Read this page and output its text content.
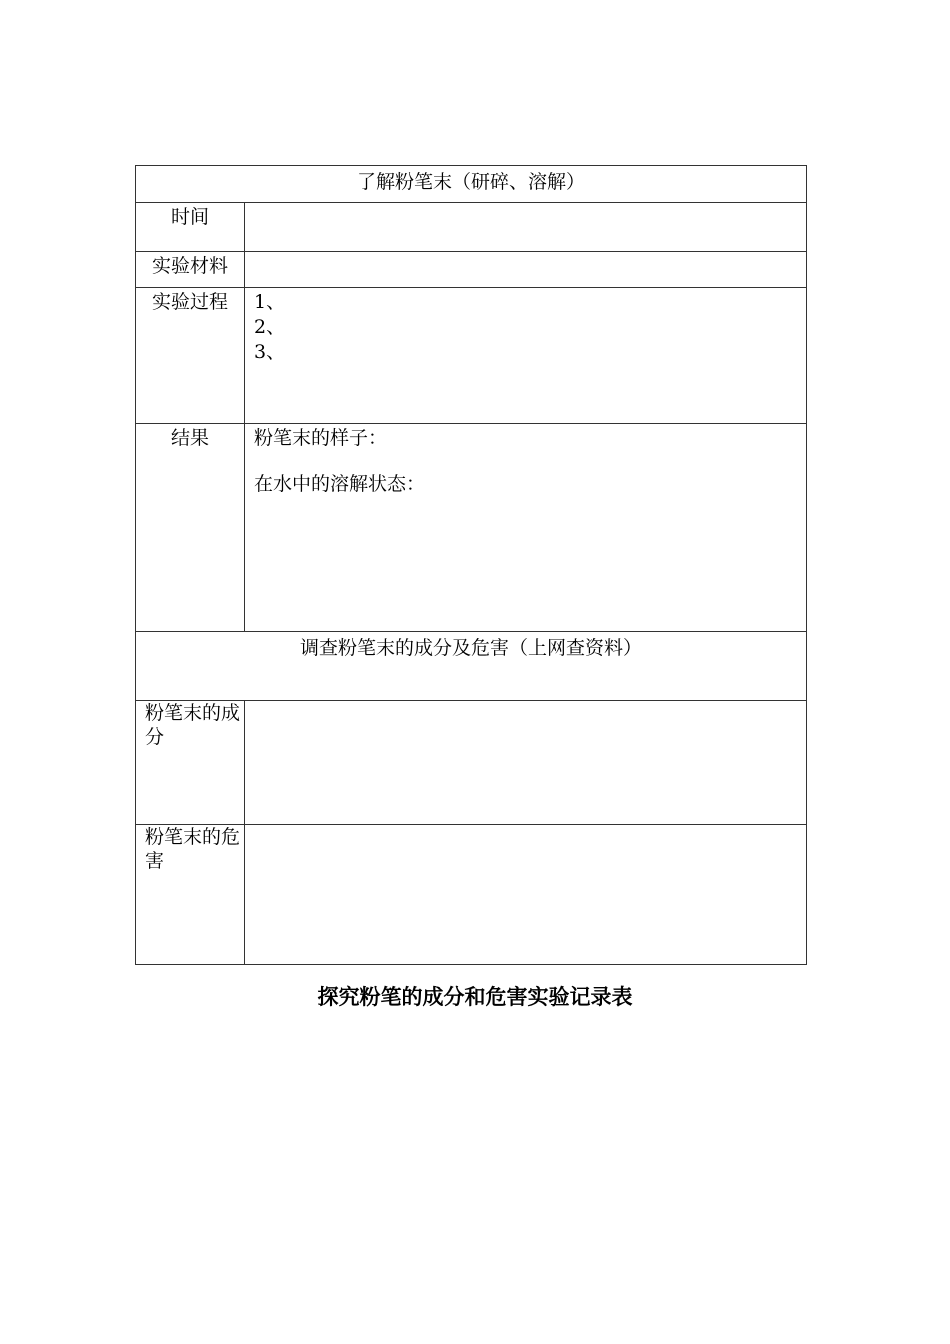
了解粉笔末（研碎、溶解）	
时间	
实验材料	
实验过程	1、
2、
3、

结果	粉笔末的样子：
在水中的溶解状态：

调查粉笔末的成分及危害（上网查资料）	
粉笔末的成分	
粉笔末的危害	
探究粉笔的成分和危害实验记录表
